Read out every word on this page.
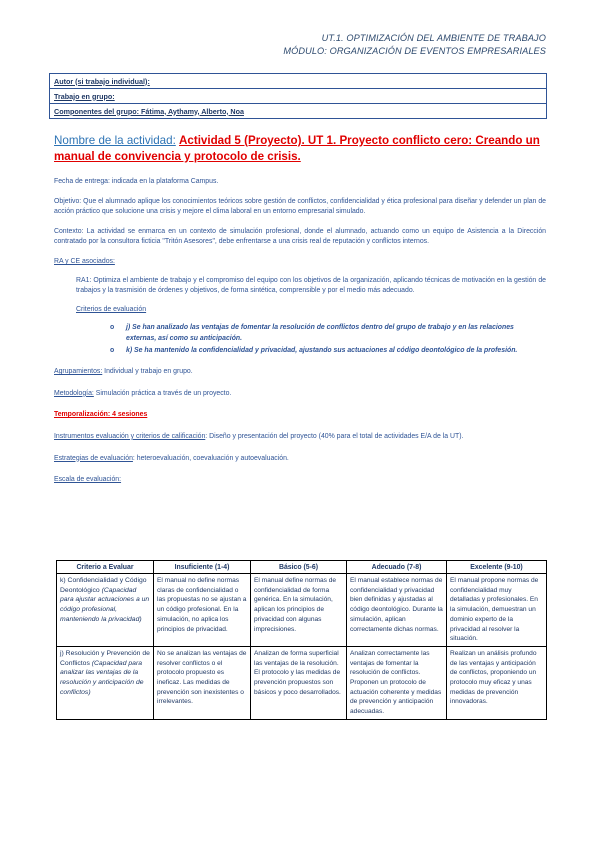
UT.1. OPTIMIZACIÓN DEL AMBIENTE DE TRABAJO
MÓDULO: ORGANIZACIÓN DE EVENTOS EMPRESARIALES
Autor (si trabajo individual):
Trabajo en grupo:
Componentes del grupo: Fátima, Aythamy, Alberto, Noa
Nombre de la actividad: Actividad 5 (Proyecto). UT 1. Proyecto conflicto cero: Creando un manual de convivencia y protocolo de crisis.

Fecha de entrega: indicada en la plataforma Campus.

Objetivo: Que el alumnado aplique los conocimientos teóricos sobre gestión de conflictos, confidencialidad y ética profesional para diseñar y defender un plan de acción práctico que solucione una crisis y mejore el clima laboral en un entorno empresarial simulado.

Contexto: La actividad se enmarca en un contexto de simulación profesional, donde el alumnado, actuando como un equipo de Asistencia a la Dirección contratado por la consultora ficticia "Tritón Asesores", debe enfrentarse a una crisis real de reputación y conflictos internos.

RA y CE asociados:

RA1: Optimiza el ambiente de trabajo y el compromiso del equipo con los objetivos de la organización, aplicando técnicas de motivación en la gestión de trabajos y la trasmisión de órdenes y objetivos, de forma sintética, comprensible y por el medio más adecuado.

Criterios de evaluación

o j) Se han analizado las ventajas de fomentar la resolución de conflictos dentro del grupo de trabajo y en las relaciones externas, así como su anticipación.
o k) Se ha mantenido la confidencialidad y privacidad, ajustando sus actuaciones al código deontológico de la profesión.

Agrupamientos: Individual y trabajo en grupo.

Metodología: Simulación práctica a través de un proyecto.

Temporalización: 4 sesiones

Instrumentos evaluación y criterios de calificación: Diseño y presentación del proyecto (40% para el total de actividades E/A de la UT).

Estrategias de evaluación: heteroevaluación, coevaluación y autoevaluación.

Escala de evaluación:

Criterio a Evaluar	Insuficiente (1-4)	Básico (5-6)	Adecuado (7-8)	Excelente (9-10)
k) Confidencialidad y Código Deontológico (Capacidad para ajustar actuaciones a un código profesional, manteniendo la privacidad)	El manual no define normas claras de confidencialidad o las propuestas no se ajustan a un código profesional. En la simulación, no aplica los principios de privacidad.	El manual define normas de confidencialidad de forma genérica. En la simulación, aplican los principios de privacidad con algunas imprecisiones.	El manual establece normas de confidencialidad y privacidad bien definidas y ajustadas al código deontológico. Durante la simulación, aplican correctamente dichas normas.	El manual propone normas de confidencialidad muy detalladas y profesionales. En la simulación, demuestran un dominio experto de la privacidad al resolver la situación.
j) Resolución y Prevención de Conflictos (Capacidad para analizar las ventajas de la resolución y anticipación de conflictos)	No se analizan las ventajas de resolver conflictos o el protocolo propuesto es ineficaz. Las medidas de prevención son inexistentes o irrelevantes.	Analizan de forma superficial las ventajas de la resolución. El protocolo y las medidas de prevención propuestos son básicos y poco desarrollados.	Analizan correctamente las ventajas de fomentar la resolución de conflictos. Proponen un protocolo de actuación coherente y medidas de prevención y anticipación adecuadas.	Realizan un análisis profundo de las ventajas y anticipación de conflictos, proponiendo un protocolo muy eficaz y unas medidas de prevención innovadoras.
